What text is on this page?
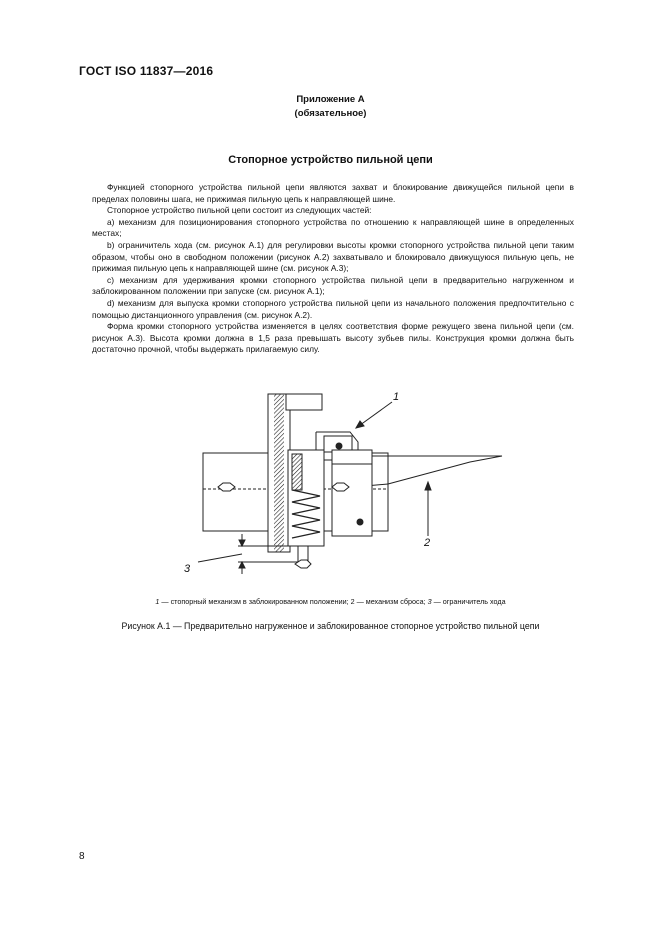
ГОСТ ISO 11837—2016
Приложение А
(обязательное)
Стопорное устройство пильной цепи

Функцией стопорного устройства пильной цепи являются захват и блокирование движущейся пильной цепи в пределах половины шага, не прижимая пильную цепь к направляющей шине.

Стопорное устройство пильной цепи состоит из следующих частей:

a) механизм для позиционирования стопорного устройства по отношению к направляющей шине в определенных местах;

b) ограничитель хода (см. рисунок А.1) для регулировки высоты кромки стопорного устройства пильной цепи таким образом, чтобы оно в свободном положении (рисунок А.2) захватывало и блокировало движущуюся пильную цепь, не прижимая пильную цепь к направляющей шине (см. рисунок А.3);

c) механизм для удерживания кромки стопорного устройства пильной цепи в предварительно нагруженном и заблокированном положении при запуске (см. рисунок А.1);

d) механизм для выпуска кромки стопорного устройства пильной цепи из начального положения предпочтительно с помощью дистанционного управления (см. рисунок А.2).

Форма кромки стопорного устройства изменяется в целях соответствия форме режущего звена пильной цепи (см. рисунок А.3). Высота кромки должна в 1,5 раза превышать высоту зубьев пилы. Конструкция кромки должна быть достаточно прочной, чтобы выдержать прилагаемую силу.

1
2
3
1 — стопорный механизм в заблокированном положении; 2 — механизм сброса; 3 — ограничитель хода
Рисунок А.1 — Предварительно нагруженное и заблокированное стопорное устройство пильной цепи
8
